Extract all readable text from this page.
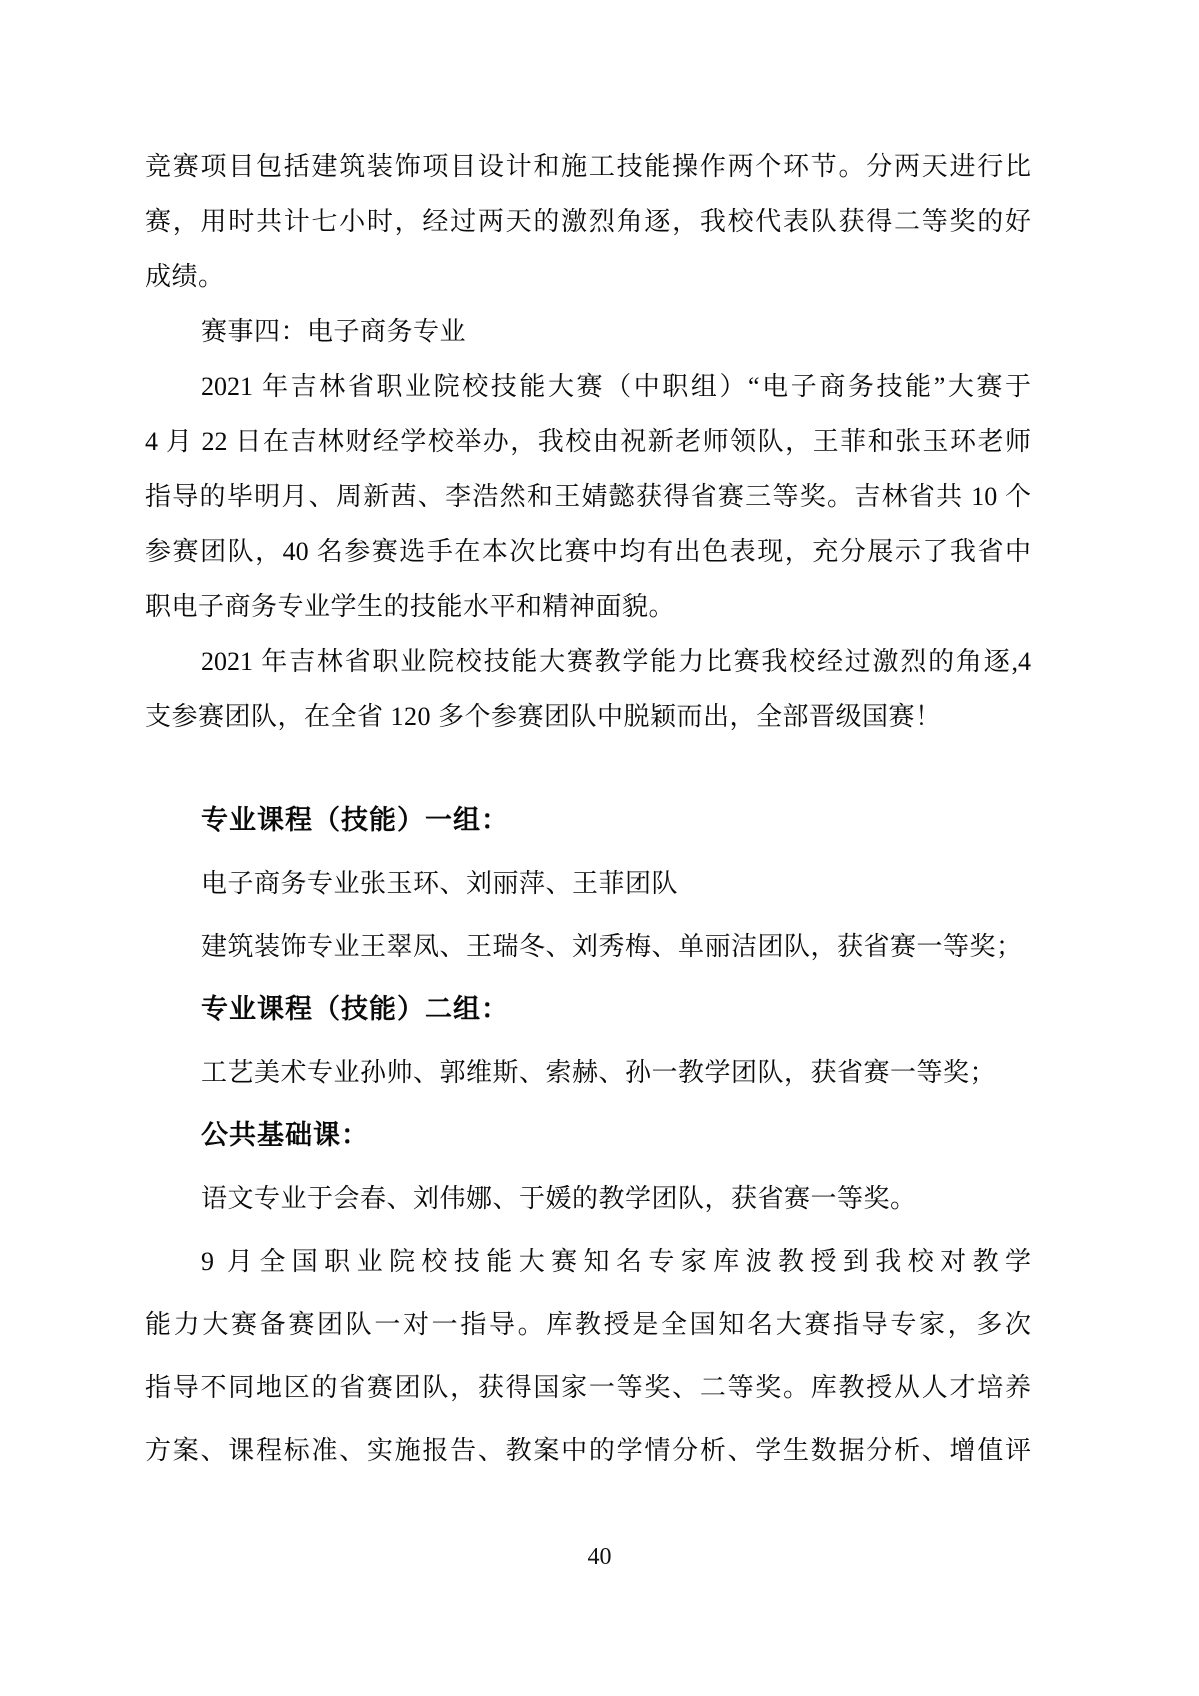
竞赛项目包括建筑装饰项目设计和施工技能操作两个环节。分两天进行比
赛，用时共计七小时，经过两天的激烈角逐，我校代表队获得二等奖的好
成绩。
赛事四：电子商务专业
2021 年吉林省职业院校技能大赛（中职组）“电子商务技能”大赛于
4 月 22 日在吉林财经学校举办，我校由祝新老师领队，王菲和张玉环老师
指导的毕明月、周新茜、李浩然和王婧懿获得省赛三等奖。吉林省共 10 个
参赛团队，40 名参赛选手在本次比赛中均有出色表现，充分展示了我省中
职电子商务专业学生的技能水平和精神面貌。
2021 年吉林省职业院校技能大赛教学能力比赛我校经过激烈的角逐,4
支参赛团队，在全省 120 多个参赛团队中脱颖而出，全部晋级国赛！
专业课程（技能）一组：
电子商务专业张玉环、刘丽萍、王菲团队
建筑装饰专业王翠凤、王瑞冬、刘秀梅、单丽洁团队，获省赛一等奖；
专业课程（技能）二组：
工艺美术专业孙帅、郭维斯、索赫、孙一教学团队，获省赛一等奖；
公共基础课：
语文专业于会春、刘伟娜、于媛的教学团队，获省赛一等奖。
9 月全国职业院校技能大赛知名专家库波教授到我校对教学
能力大赛备赛团队一对一指导。库教授是全国知名大赛指导专家，多次
指导不同地区的省赛团队，获得国家一等奖、二等奖。库教授从人才培养
方案、课程标准、实施报告、教案中的学情分析、学生数据分析、增值评
40
